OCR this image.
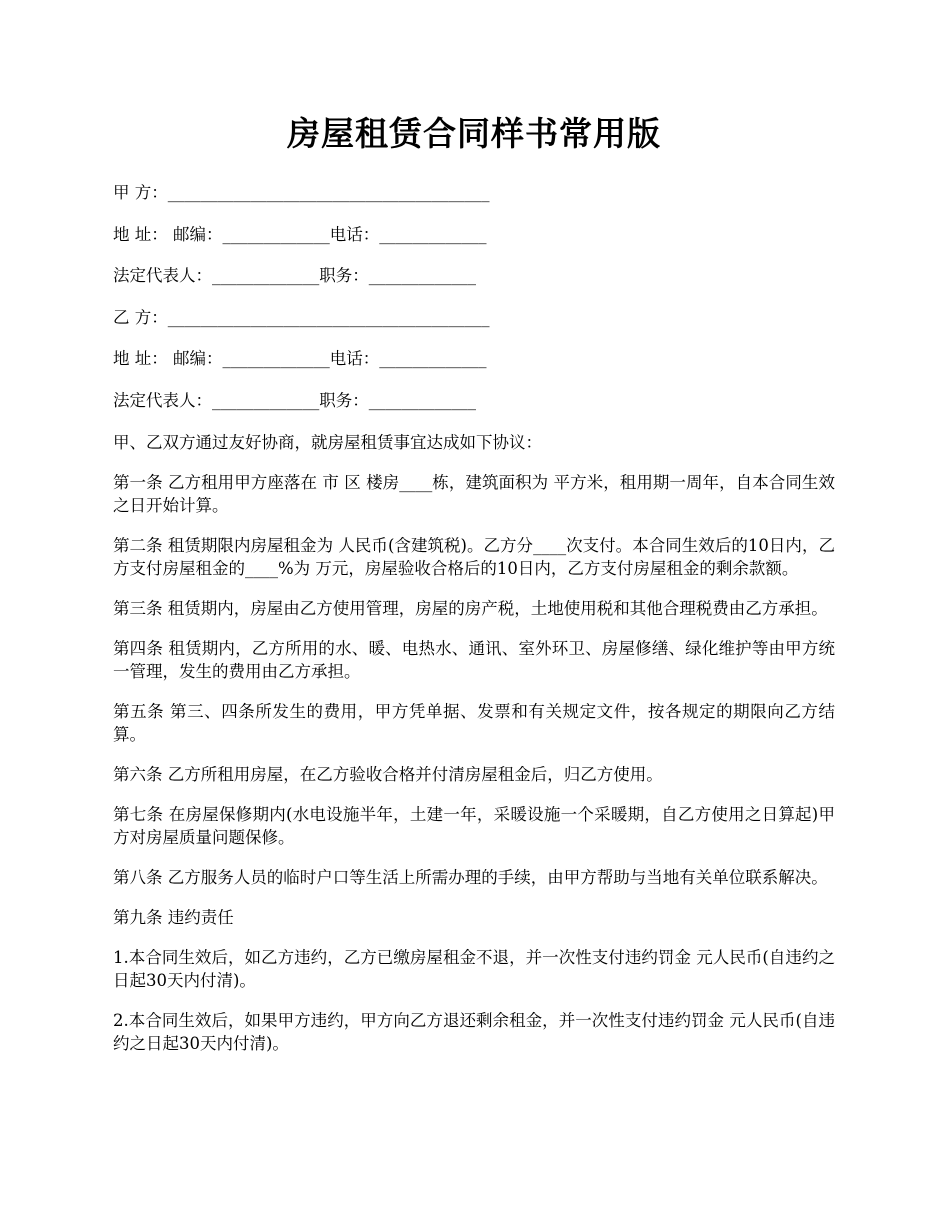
房屋租赁合同样书常用版
甲 方：_______________________________________
地 址： 邮编：_____________电话：_____________
法定代表人：_____________职务：_____________
乙 方：_______________________________________
地 址： 邮编：_____________电话：_____________
法定代表人：_____________职务：_____________

甲、乙双方通过友好协商，就房屋租赁事宜达成如下协议：

第一条 乙方租用甲方座落在 市 区 楼房____栋，建筑面积为 平方米，租用期一周年，自本合同生效之日开始计算。

第二条 租赁期限内房屋租金为 人民币(含建筑税)。乙方分____次支付。本合同生效后的10日内，乙方支付房屋租金的____%为 万元，房屋验收合格后的10日内，乙方支付房屋租金的剩余款额。

第三条 租赁期内，房屋由乙方使用管理，房屋的房产税，土地使用税和其他合理税费由乙方承担。

第四条 租赁期内，乙方所用的水、暖、电热水、通讯、室外环卫、房屋修缮、绿化维护等由甲方统一管理，发生的费用由乙方承担。

第五条 第三、四条所发生的费用，甲方凭单据、发票和有关规定文件，按各规定的期限向乙方结算。

第六条 乙方所租用房屋，在乙方验收合格并付清房屋租金后，归乙方使用。

第七条 在房屋保修期内(水电设施半年，土建一年，采暖设施一个采暖期，自乙方使用之日算起)甲方对房屋质量问题保修。

第八条 乙方服务人员的临时户口等生活上所需办理的手续，由甲方帮助与当地有关单位联系解决。

第九条 违约责任

1.本合同生效后，如乙方违约，乙方已缴房屋租金不退，并一次性支付违约罚金 元人民币(自违约之日起30天内付清)。

2.本合同生效后，如果甲方违约，甲方向乙方退还剩余租金，并一次性支付违约罚金 元人民币(自违约之日起30天内付清)。
